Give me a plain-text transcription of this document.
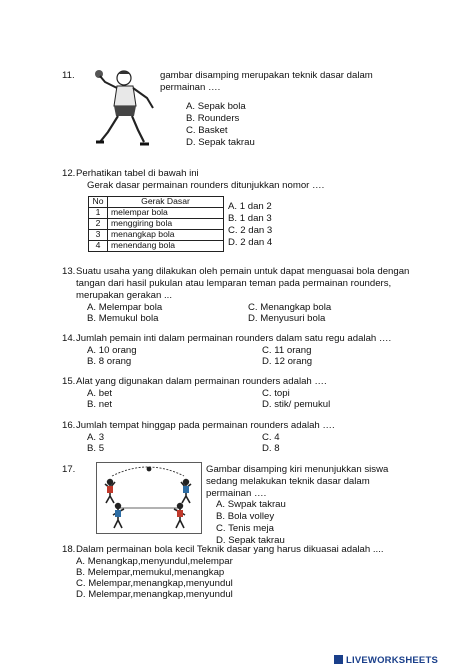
11.	gambar disamping merupakan teknik dasar dalam
permainan ….
A. Sepak bola
B. Rounders
C. Basket
D. Sepak takrau
12. Perhatikan tabel di bawah ini
Gerak dasar permainan rounders ditunjukkan nomor ….
No	Gerak Dasar
1	melempar bola
2	menggiring bola
3	menangkap bola
4	menendang bola
A. 1 dan 2
B. 1 dan 3
C. 2 dan 3
D. 2 dan 4
13. Suatu usaha yang dilakukan oleh pemain untuk dapat menguasai bola dengan
tangan dari hasil pukulan atau lemparan teman pada permainan rounders,
merupakan gerakan ...
A. Melempar bola
B. Memukul bola
C. Menangkap bola
D. Menyusuri bola
14. Jumlah pemain inti dalam permainan rounders dalam satu regu adalah ….
A. 10 orang
B. 8 orang
C. 11 orang
D. 12 orang
15. Alat yang digunakan dalam permainan rounders adalah ….
A. bet
B. net
C. topi
D. stik/ pemukul
16. Jumlah tempat hinggap pada permainan rounders adalah ….
A. 3
B. 5
C. 4
D. 8
17.	Gambar disamping kiri menunjukkan siswa
sedang melakukan teknik dasar dalam
permainan ….
A. Swpak takrau
B. Bola volley
C. Tenis meja
D. Sepak takrau
18. Dalam permainan bola kecil Teknik dasar yang harus dikuasai adalah ....
A. Menangkap,menyundul,melempar
B. Melempar,memukul,menangkap
C. Melempar,menangkap,menyundul
D. Melempar,menangkap,menyundul
LIVEWORKSHEETS
